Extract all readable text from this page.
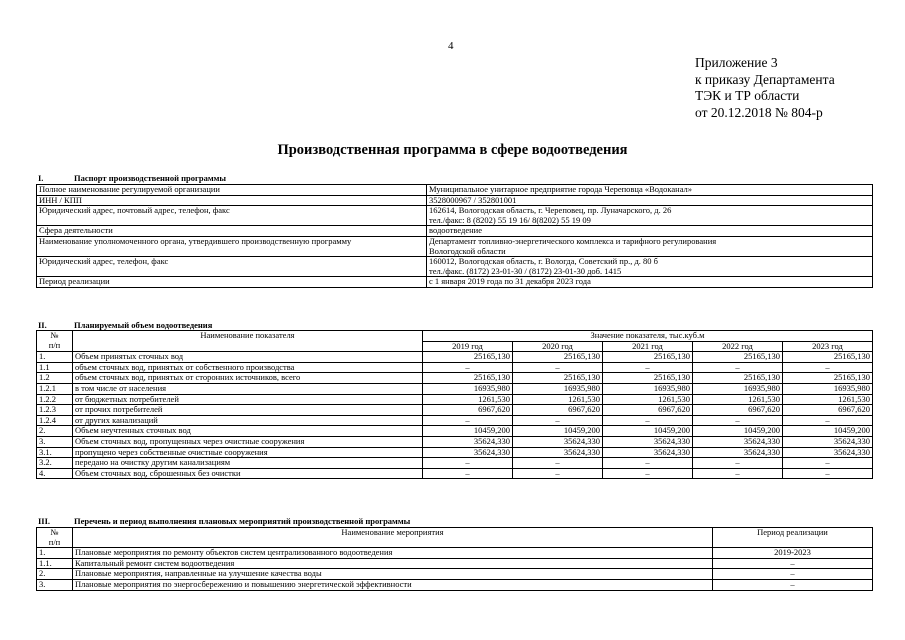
4
Приложение 3
к приказу Департамента
ТЭК и ТР области
от 20.12.2018 № 804-р
Производственная программа в сфере водоотведения
I.	Паспорт производственной программы
Полное наименование регулируемой организации	Муниципальное унитарное предприятие города Череповца «Водоканал»
ИНН / КПП	3528000967 / 352801001
Юридический адрес, почтовый адрес, телефон, факс	162614, Вологодская область, г. Череповец, пр. Луначарского, д. 26
тел./факс: 8 (8202) 55 19 16/ 8(8202) 55 19 09

Сфера деятельности	водоотведение
Наименование уполномоченного органа, утвердившего производственную программу	Департамент топливно-энергетического комплекса и тарифного регулирования
Вологодской области

Юридический адрес, телефон, факс	160012, Вологодская область, г. Вологда, Советский пр., д. 80 б
тел./факс. (8172) 23-01-30 / (8172) 23-01-30 доб. 1415

Период реализации	с 1 января 2019 года по 31 декабря 2023 года
II.	Планируемый объем водоотведения
№
п/п	Наименование показателя	Значение показателя, тыс.куб.м				
		2019 год	2020 год	2021 год	2022 год	2023 год
1.	Объем принятых сточных вод	25165,130	25165,130	25165,130	25165,130	25165,130
1.1	объем сточных вод, принятых от собственного производства	–	–	–	–	–
1.2	объем сточных вод, принятых от сторонних источников, всего	25165,130	25165,130	25165,130	25165,130	25165,130
1.2.1	в том числе от населения	16935,980	16935,980	16935,980	16935,980	16935,980
1.2.2	от бюджетных потребителей	1261,530	1261,530	1261,530	1261,530	1261,530
1.2.3	от прочих потребителей	6967,620	6967,620	6967,620	6967,620	6967,620
1.2.4	от других канализаций	–	–	–	–	–
2.	Объем неучтенных сточных вод	10459,200	10459,200	10459,200	10459,200	10459,200
3.	Объем сточных вод, пропущенных через очистные сооружения	35624,330	35624,330	35624,330	35624,330	35624,330
3.1.	пропущено через собственные очистные сооружения	35624,330	35624,330	35624,330	35624,330	35624,330
3.2.	передано на очистку другим канализациям	–	–	–	–	–
4.	Объем сточных вод, сброшенных без очистки	–	–	–	–	–
III.	Перечень и период выполнения плановых мероприятий производственной программы
№
п/п	Наименование мероприятия	Период реализации
1.	Плановые мероприятия по ремонту объектов систем централизованного водоотведения	2019-2023
1.1.	Капитальный ремонт систем водоотведения	–
2.	Плановые мероприятия, направленные на улучшение качества воды	–
3.	Плановые мероприятия по энергосбережению и повышению энергетической эффективности	–
